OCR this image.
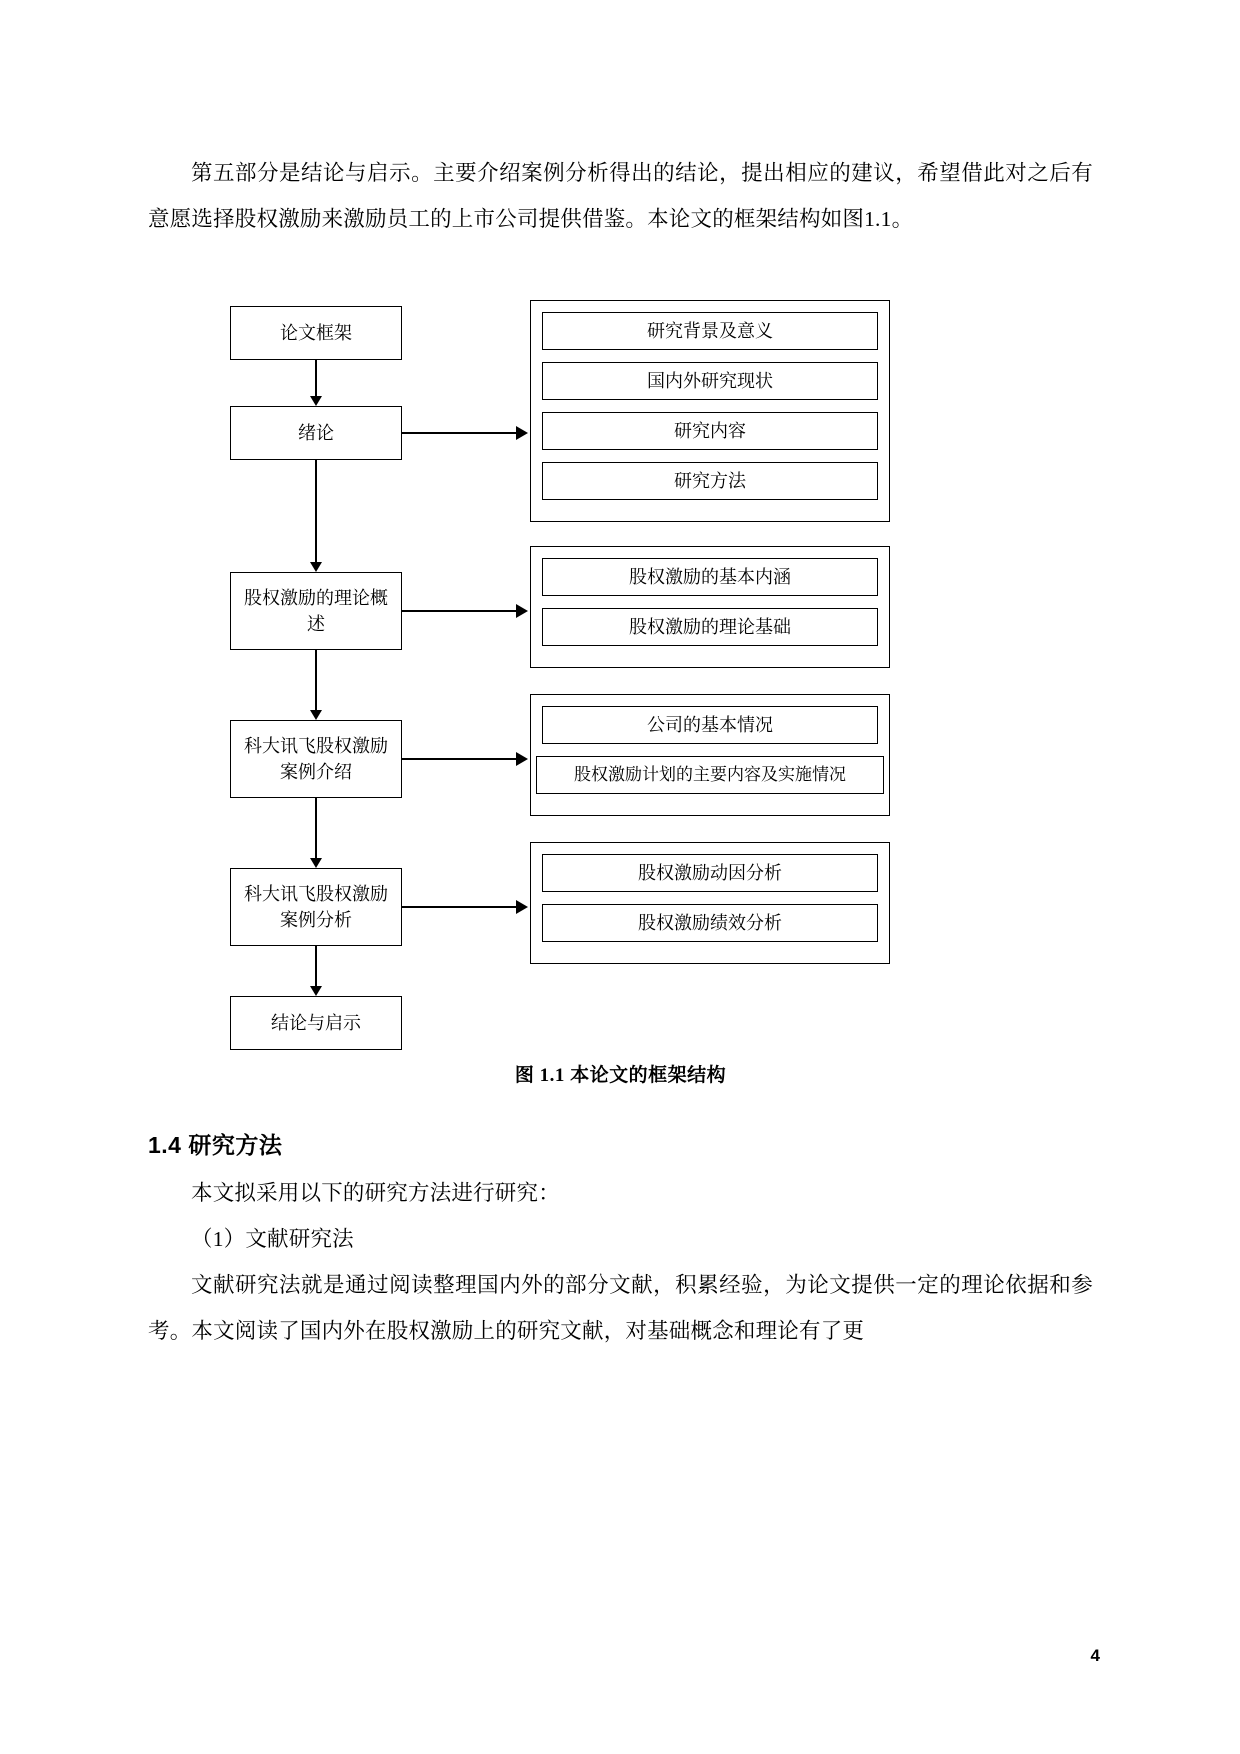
第五部分是结论与启示。主要介绍案例分析得出的结论，提出相应的建议，希望借此对之后有意愿选择股权激励来激励员工的上市公司提供借鉴。本论文的框架结构如图1.1。

论文框架
绪论
股权激励的理论概述
科大讯飞股权激励案例介绍
科大讯飞股权激励案例分析
结论与启示
研究背景及意义
国内外研究现状
研究内容
研究方法
股权激励的基本内涵
股权激励的理论基础
公司的基本情况
股权激励计划的主要内容及实施情况
股权激励动因分析
股权激励绩效分析
图 1.1 本论文的框架结构
1.4 研究方法

本文拟采用以下的研究方法进行研究：

（1）文献研究法

文献研究法就是通过阅读整理国内外的部分文献，积累经验，为论文提供一定的理论依据和参考。本文阅读了国内外在股权激励上的研究文献，对基础概念和理论有了更

4
